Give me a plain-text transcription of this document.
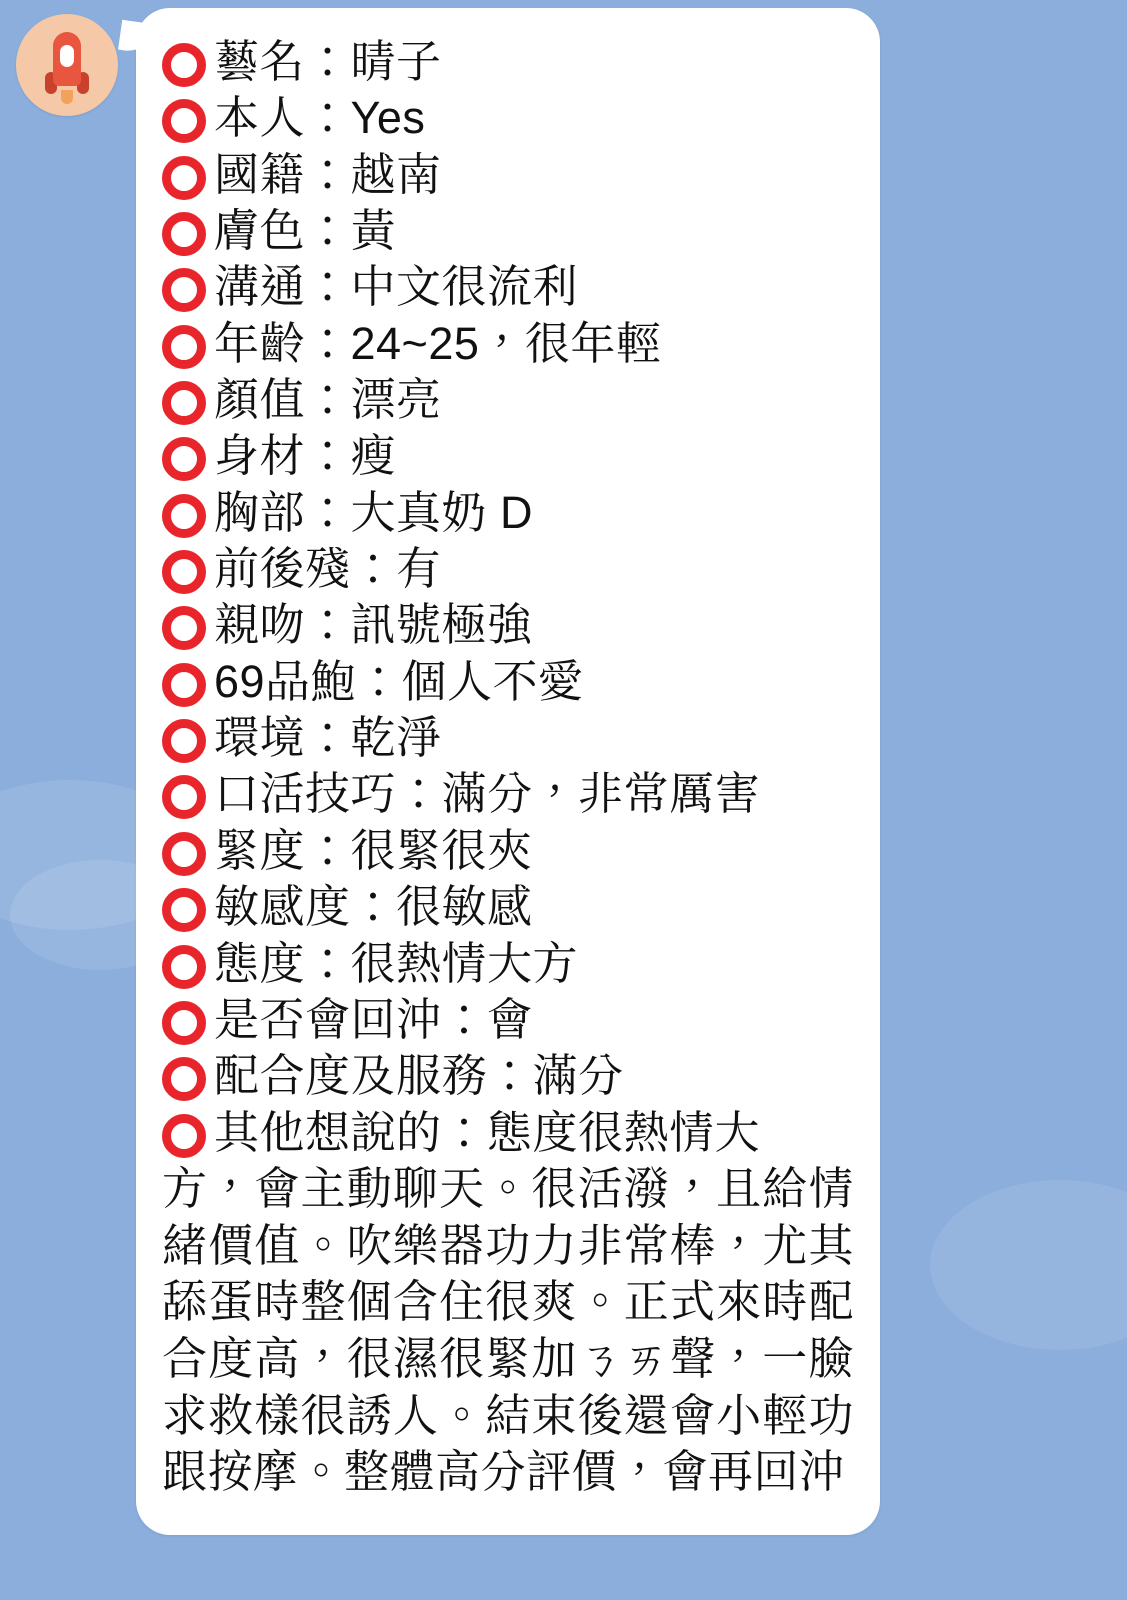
藝名：晴子
本人：Yes
國籍：越南
膚色：黃
溝通：中文很流利
年齡：24~25，很年輕
顏值：漂亮
身材：瘦
胸部：大真奶 D
前後殘：有
親吻：訊號極強
69品鮑：個人不愛
環境：乾淨
口活技巧：滿分，非常厲害
緊度：很緊很夾
敏感度：很敏感
態度：很熱情大方
是否會回沖：會
配合度及服務：滿分
其他想說的：態度很熱情大

方，會主動聊天。很活潑，且給情緒價值。吹樂器功力非常棒，尤其舔蛋時整個含住很爽。正式來時配合度高，很濕很緊加ㄋㄞ聲，一臉求救樣很誘人。結束後還會小輕功跟按摩。整體高分評價，會再回沖
